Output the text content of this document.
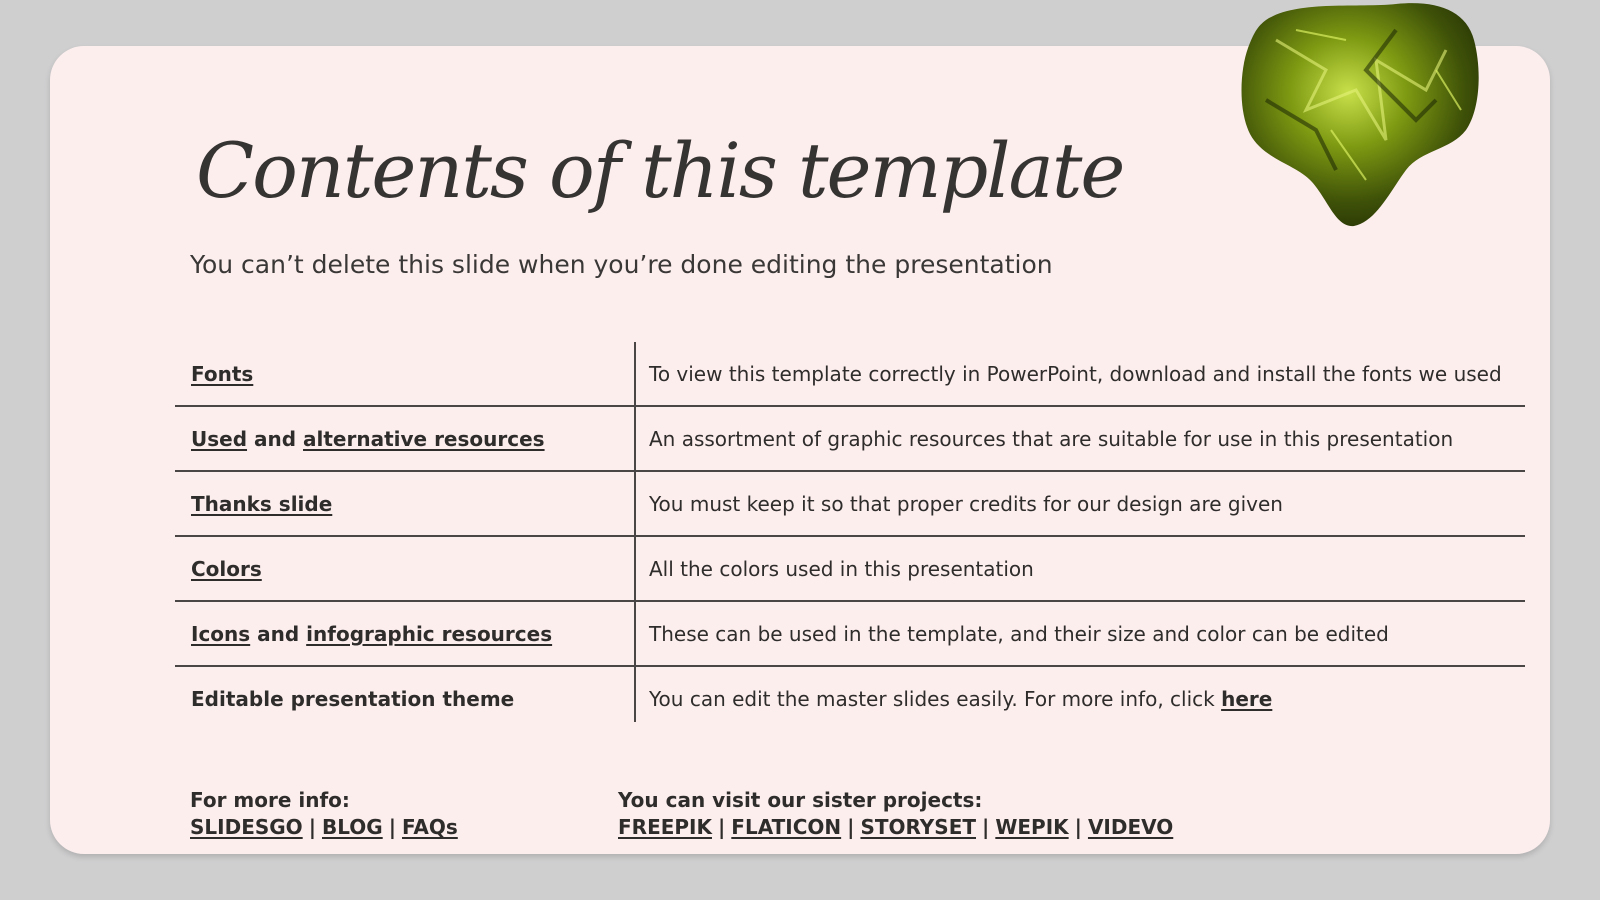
Contents of this template

You can’t delete this slide when you’re done editing the presentation

Fonts	To view this template correctly in PowerPoint, download and install the fonts we used
Used and alternative resources	An assortment of graphic resources that are suitable for use in this presentation
Thanks slide	You must keep it so that proper credits for our design are given
Colors	All the colors used in this presentation
Icons and infographic resources	These can be used in the template, and their size and color can be edited
Editable presentation theme	You can edit the master slides easily. For more info, click here
For more info:
SLIDESGO | BLOG | FAQs
You can visit our sister projects:
FREEPIK | FLATICON | STORYSET | WEPIK | VIDEVO
